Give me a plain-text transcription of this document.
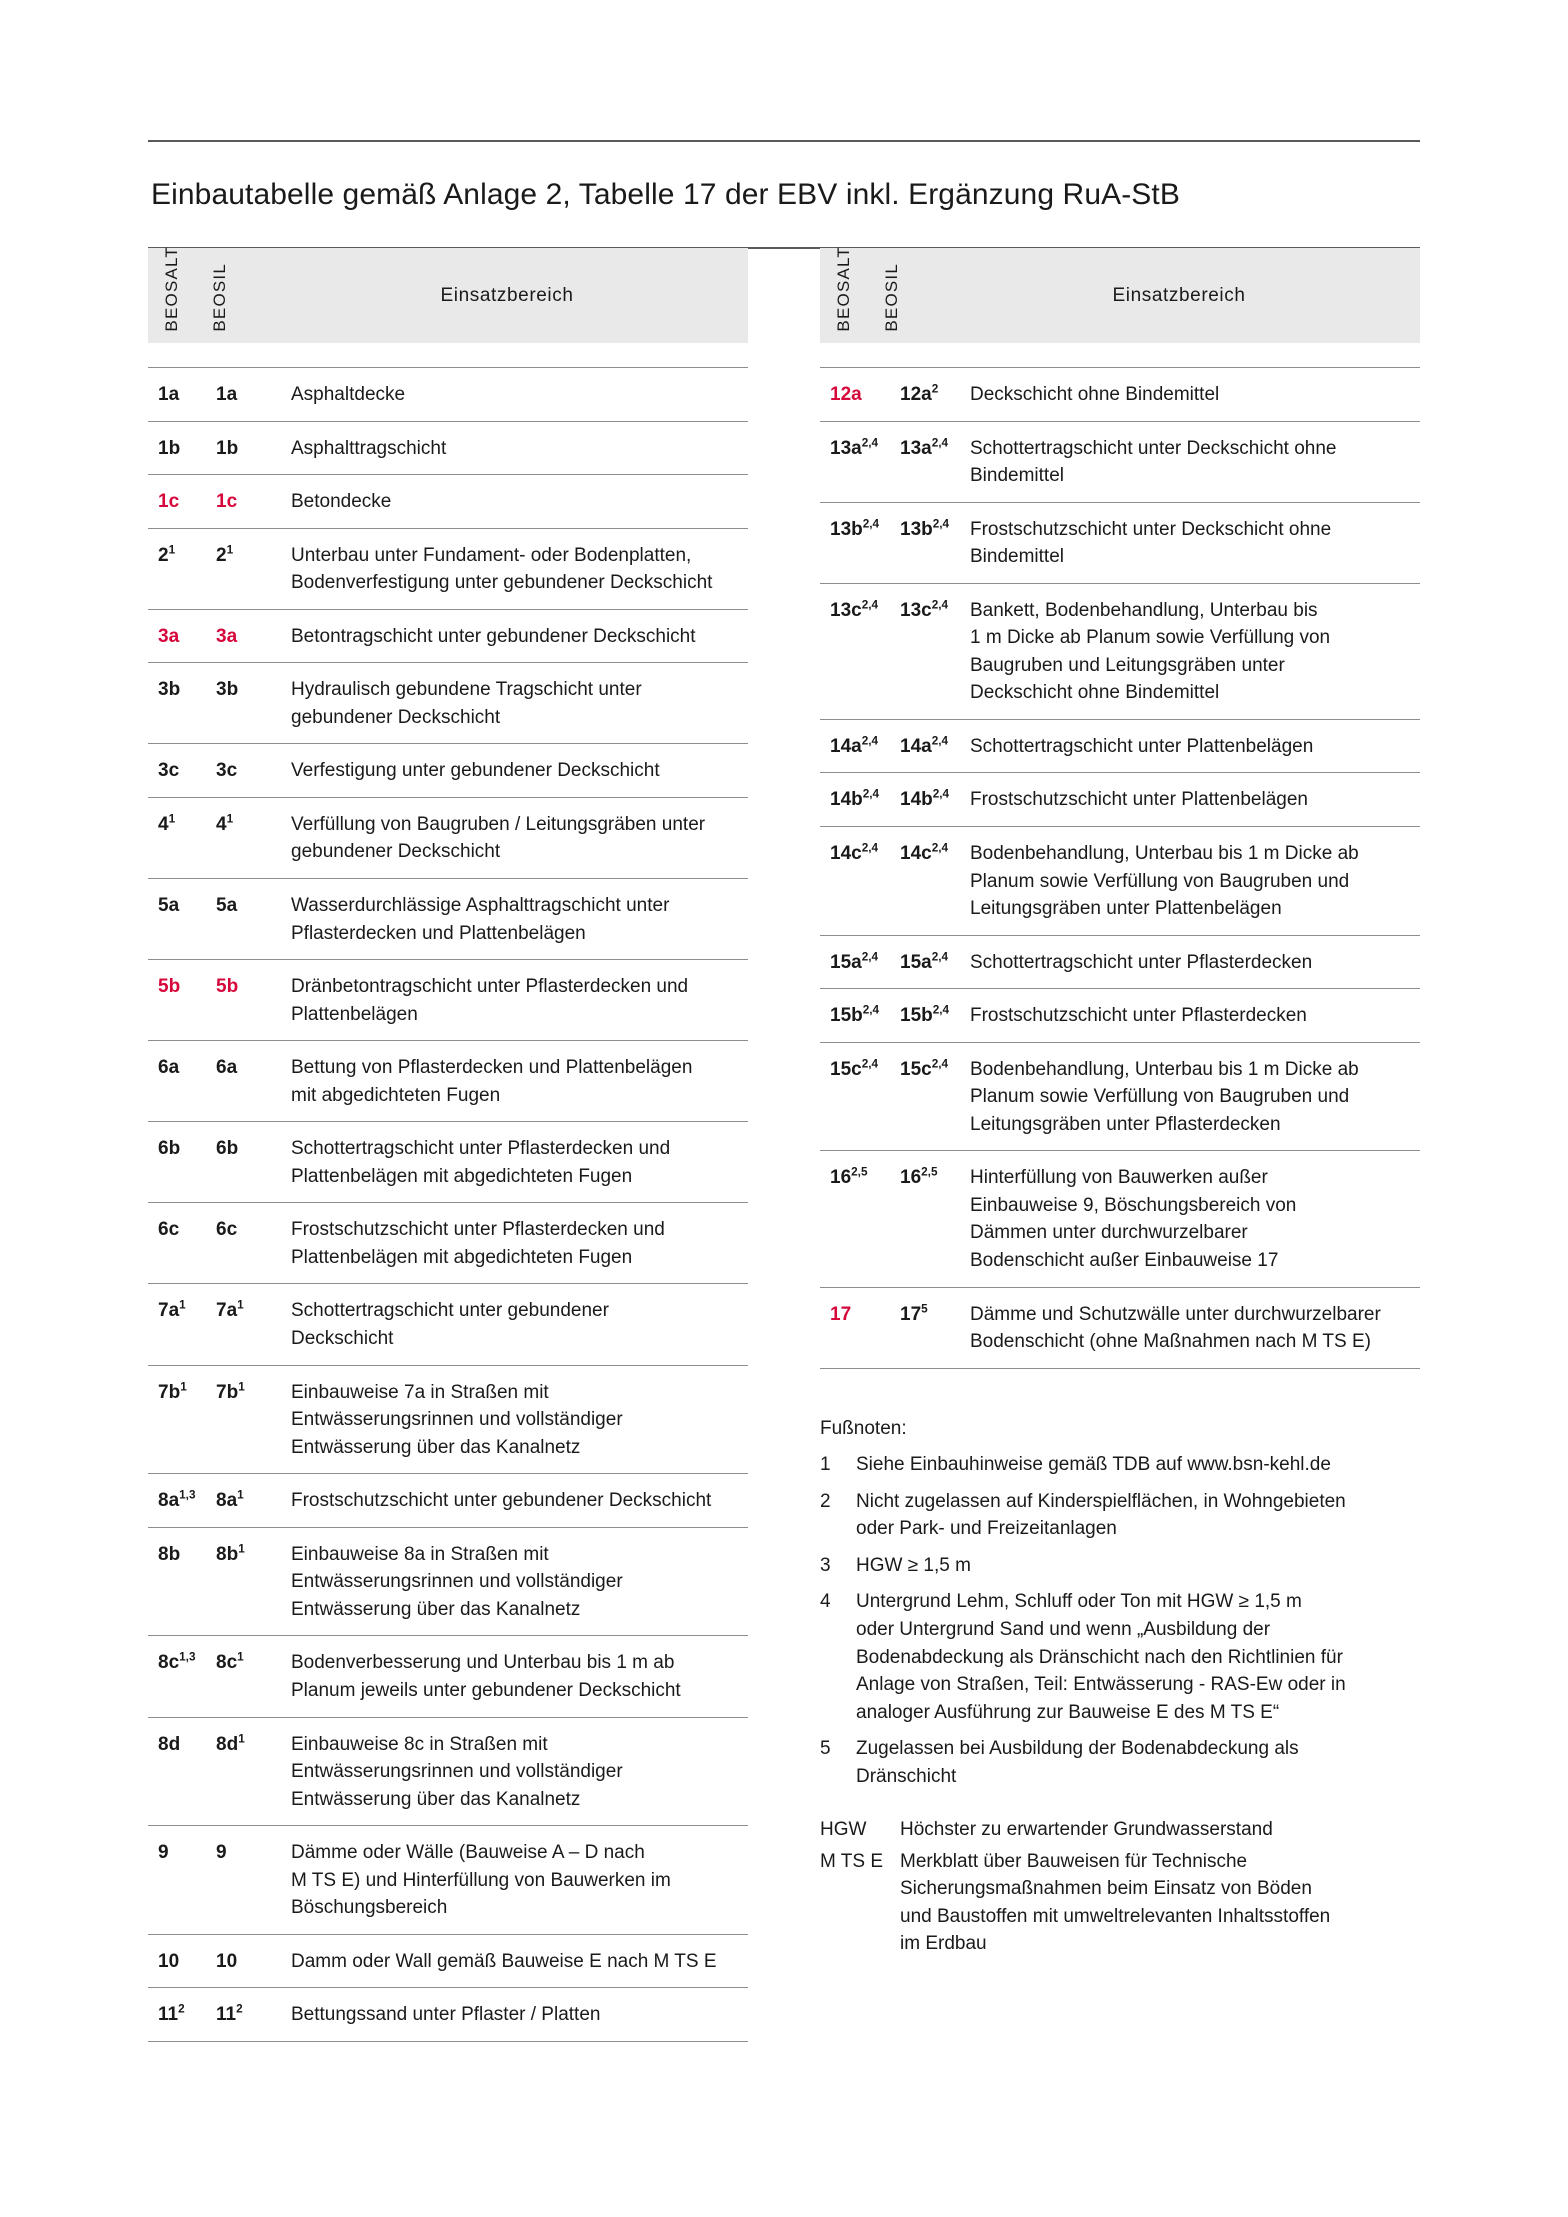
Einbautabelle gemäß Anlage 2, Tabelle 17 der EBV inkl. Ergänzung RuA-StB
BEOSALT BEOSIL	Einsatzbereich
1a	1a	Asphaltdecke
1b	1b	Asphalttragschicht
1c	1c	Betondecke
$2^1$	$2^1$	Unterbau unter Fundament- oder Bodenplatten,
Bodenverfestigung unter gebundener Deckschicht
3a	3a	Betontragschicht unter gebundener Deckschicht
3b	3b	Hydraulisch gebundene Tragschicht unter
gebundener Deckschicht
3c	3c	Verfestigung unter gebundener Deckschicht
$4^1$	$4^1$	Verfüllung von Baugruben / Leitungsgräben unter
gebundener Deckschicht
5a	5a	Wasserdurchlässige Asphalttragschicht unter
Pflasterdecken und Plattenbelägen
5b	5b	Dränbetontragschicht unter Pflasterdecken und
Plattenbelägen
6a	6a	Bettung von Pflasterdecken und Plattenbelägen
mit abgedichteten Fugen
6b	6b	Schottertragschicht unter Pflasterdecken und
Plattenbelägen mit abgedichteten Fugen
6c	6c	Frostschutzschicht unter Pflasterdecken und
Plattenbelägen mit abgedichteten Fugen
$7a^1$	$7a^1$	Schottertragschicht unter gebundener
Deckschicht
$7b^1$	$7b^1$	Einbauweise 7a in Straßen mit
Entwässerungsrinnen und vollständiger
Entwässerung über das Kanalnetz
$8a^{1,3}$	$8a^1$	Frostschutzschicht unter gebundener Deckschicht
8b	$8b^1$	Einbauweise 8a in Straßen mit
Entwässerungsrinnen und vollständiger
Entwässerung über das Kanalnetz
$8c^{1,3}$	$8c^1$	Bodenverbesserung und Unterbau bis 1 m ab
Planum jeweils unter gebundener Deckschicht
8d	$8d^1$	Einbauweise 8c in Straßen mit
Entwässerungsrinnen und vollständiger
Entwässerung über das Kanalnetz
9	9	Dämme oder Wälle (Bauweise A – D nach
M TS E) und Hinterfüllung von Bauwerken im
Böschungsbereich
10	10	Damm oder Wall gemäß Bauweise E nach M TS E
$11^2$	$11^2$	Bettungssand unter Pflaster / Platten
BEOSALT BEOSIL	Einsatzbereich
12a	$12a^2$	Deckschicht ohne Bindemittel
$13a^{2,4}$	$13a^{2,4}$	Schottertragschicht unter Deckschicht ohne
Bindemittel
$13b^{2,4}$	$13b^{2,4}$	Frostschutzschicht unter Deckschicht ohne
Bindemittel
$13c^{2,4}$	$13c^{2,4}$	Bankett, Bodenbehandlung, Unterbau bis
1 m Dicke ab Planum sowie Verfüllung von
Baugruben und Leitungsgräben unter
Deckschicht ohne Bindemittel
$14a^{2,4}$	$14a^{2,4}$	Schottertragschicht unter Plattenbelägen
$14b^{2,4}$	$14b^{2,4}$	Frostschutzschicht unter Plattenbelägen
$14c^{2,4}$	$14c^{2,4}$	Bodenbehandlung, Unterbau bis 1 m Dicke ab
Planum sowie Verfüllung von Baugruben und
Leitungsgräben unter Plattenbelägen
$15a^{2,4}$	$15a^{2,4}$	Schottertragschicht unter Pflasterdecken
$15b^{2,4}$	$15b^{2,4}$	Frostschutzschicht unter Pflasterdecken
$15c^{2,4}$	$15c^{2,4}$	Bodenbehandlung, Unterbau bis 1 m Dicke ab
Planum sowie Verfüllung von Baugruben und
Leitungsgräben unter Pflasterdecken
16$^{2,5}$	16$^{2,5}$	Hinterfüllung von Bauwerken außer
Einbauweise 9, Böschungsbereich von
Dämmen unter durchwurzelbarer
Bodenschicht außer Einbauweise 17
17	$17^5$	Dämme und Schutzwälle unter durchwurzelbarer
Bodenschicht (ohne Maßnahmen nach M TS E)
Fußnoten:
1	Siehe Einbauhinweise gemäß TDB auf www.bsn-kehl.de
2	Nicht zugelassen auf Kinderspielflächen, in Wohngebieten
oder Park- und Freizeitanlagen
3	HGW ≥ 1,5 m
4	Untergrund Lehm, Schluff oder Ton mit HGW ≥ 1,5 m
oder Untergrund Sand und wenn „Ausbildung der
Bodenabdeckung als Dränschicht nach den Richtlinien für
Anlage von Straßen, Teil: Entwässerung - RAS-Ew oder in
analoger Ausführung zur Bauweise E des M TS E“
5	Zugelassen bei Ausbildung der Bodenabdeckung als
Dränschicht
HGW	Höchster zu erwartender Grundwasserstand
M TS E Merkblatt über Bauweisen für Technische
Sicherungsmaßnahmen beim Einsatz von Böden
und Baustoffen mit umweltrelevanten Inhaltsstoffen
im Erdbau
